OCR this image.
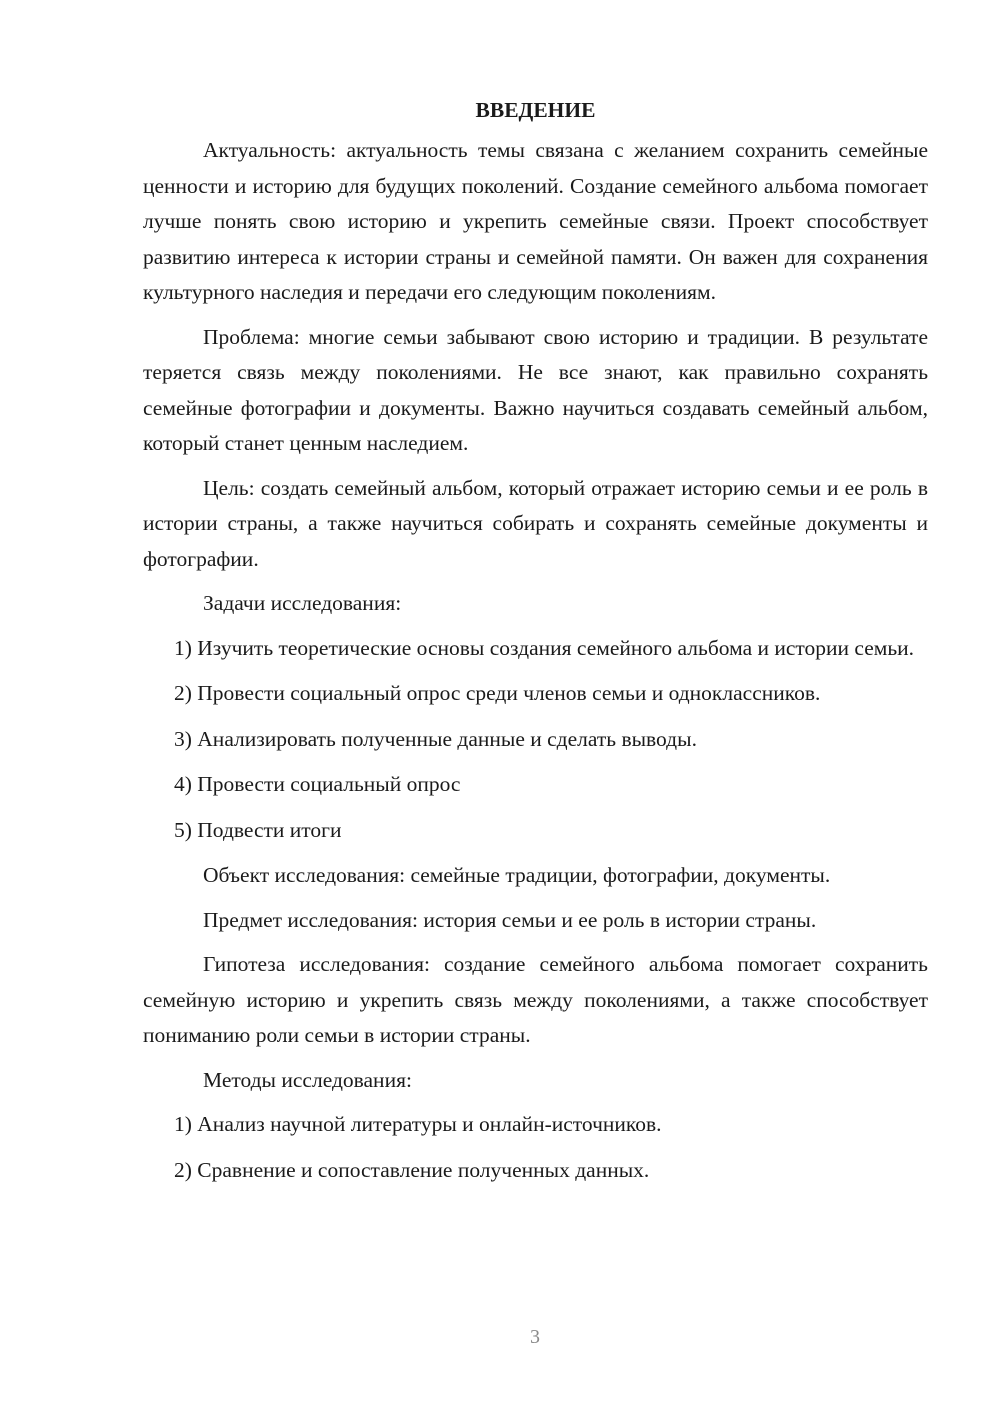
ВВЕДЕНИЕ

Актуальность: актуальность темы связана с желанием сохранить семейные ценности и историю для будущих поколений. Создание семейного альбома помогает лучше понять свою историю и укрепить семейные связи. Проект способствует развитию интереса к истории страны и семейной памяти. Он важен для сохранения культурного наследия и передачи его следующим поколениям.

Проблема: многие семьи забывают свою историю и традиции. В результате теряется связь между поколениями. Не все знают, как правильно сохранять семейные фотографии и документы. Важно научиться создавать семейный альбом, который станет ценным наследием.

Цель: создать семейный альбом, который отражает историю семьи и ее роль в истории страны, а также научиться собирать и сохранять семейные документы и фотографии.

Задачи исследования:

1) Изучить теоретические основы создания семейного альбома и истории семьи.

2) Провести социальный опрос среди членов семьи и одноклассников.

3) Анализировать полученные данные и сделать выводы.

4) Провести социальный опрос

5) Подвести итоги

Объект исследования: семейные традиции, фотографии, документы.

Предмет исследования: история семьи и ее роль в истории страны.

Гипотеза исследования: создание семейного альбома помогает сохранить семейную историю и укрепить связь между поколениями, а также способствует пониманию роли семьи в истории страны.

Методы исследования:

1) Анализ научной литературы и онлайн-источников.

2) Сравнение и сопоставление полученных данных.

3
